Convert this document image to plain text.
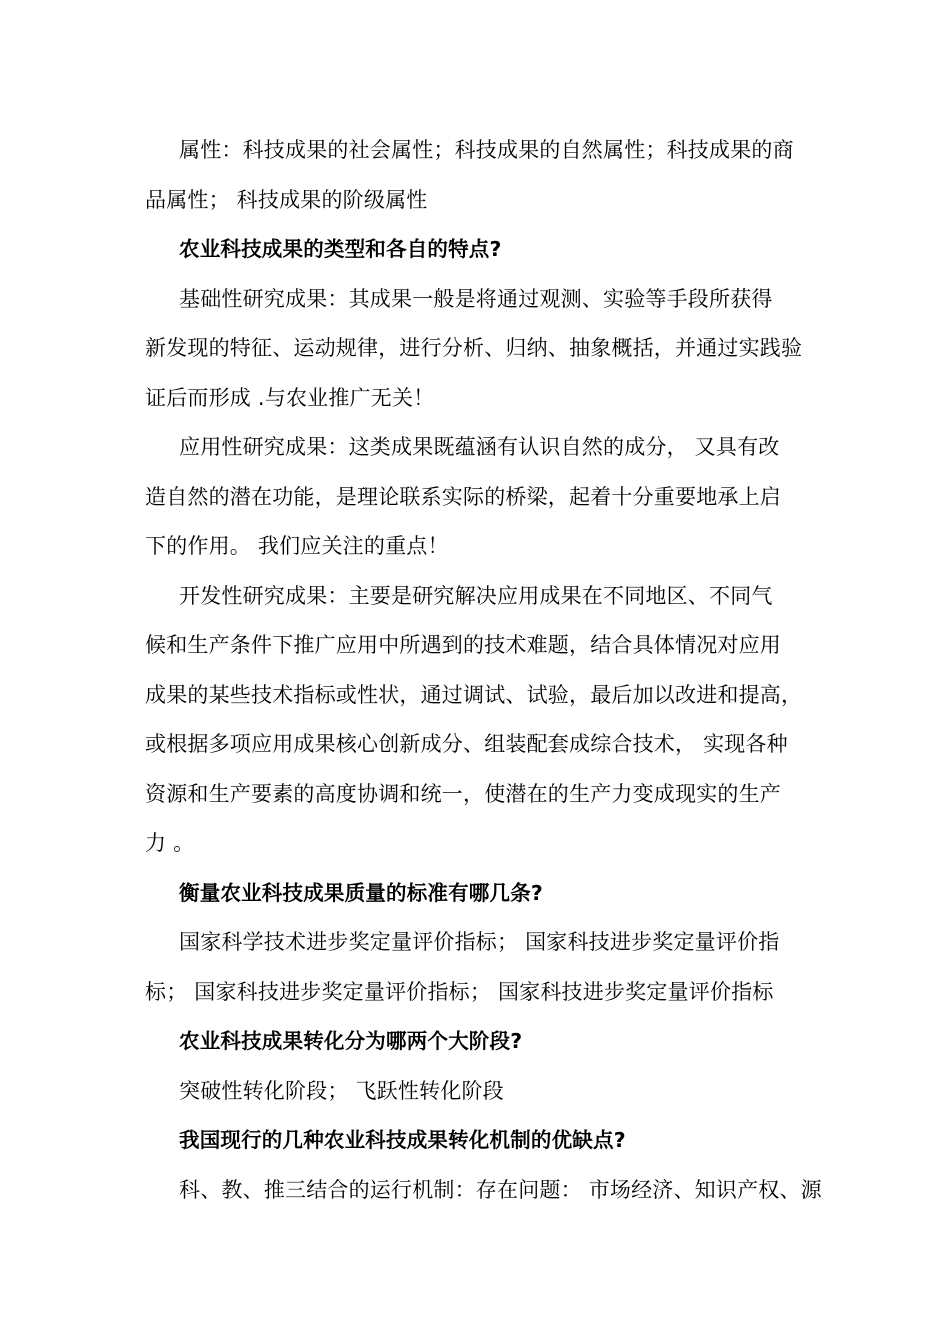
属性：科技成果的社会属性；科技成果的自然属性；科技成果的商
品属性； 科技成果的阶级属性
农业科技成果的类型和各自的特点?
基础性研究成果：其成果一般是将通过观测、实验等手段所获得
新发现的特征、运动规律，进行分析、归纳、抽象概括，并通过实践验
证后而形成 .与农业推广无关！
应用性研究成果：这类成果既蕴涵有认识自然的成分， 又具有改
造自然的潜在功能，是理论联系实际的桥梁，起着十分重要地承上启
下的作用。 我们应关注的重点！
开发性研究成果：主要是研究解决应用成果在不同地区、不同气
候和生产条件下推广应用中所遇到的技术难题，结合具体情况对应用
成果的某些技术指标或性状，通过调试、试验，最后加以改进和提高，
或根据多项应用成果核心创新成分、组装配套成综合技术， 实现各种
资源和生产要素的高度协调和统一，使潜在的生产力变成现实的生产
力 。
衡量农业科技成果质量的标准有哪几条?
国家科学技术进步奖定量评价指标； 国家科技进步奖定量评价指
标； 国家科技进步奖定量评价指标； 国家科技进步奖定量评价指标
农业科技成果转化分为哪两个大阶段?
突破性转化阶段； 飞跃性转化阶段
我国现行的几种农业科技成果转化机制的优缺点?
科、教、推三结合的运行机制：存在问题： 市场经济、知识产权、源
